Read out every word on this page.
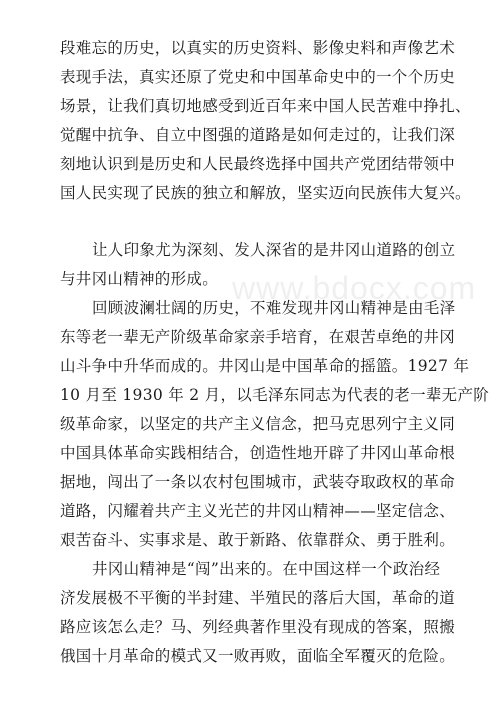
www.bdocx.com
段难忘的历史，以真实的历史资料、影像史料和声像艺术
表现手法，真实还原了党史和中国革命史中的一个个历史
场景，让我们真切地感受到近百年来中国人民苦难中挣扎、
觉醒中抗争、自立中图强的道路是如何走过的，让我们深
刻地认识到是历史和人民最终选择中国共产党团结带领中
国人民实现了民族的独立和解放，坚实迈向民族伟大复兴。
让人印象尤为深刻、发人深省的是井冈山道路的创立
与井冈山精神的形成。
回顾波澜壮阔的历史，不难发现井冈山精神是由毛泽
东等老一辈无产阶级革命家亲手培育，在艰苦卓绝的井冈
山斗争中升华而成的。井冈山是中国革命的摇篮。1927 年
10 月至 1930 年 2 月，以毛泽东同志为代表的老一辈无产阶
级革命家，以坚定的共产主义信念，把马克思列宁主义同
中国具体革命实践相结合，创造性地开辟了井冈山革命根
据地，闯出了一条以农村包围城市，武装夺取政权的革命
道路，闪耀着共产主义光芒的井冈山精神——坚定信念、
艰苦奋斗、实事求是、敢于新路、依靠群众、勇于胜利。
井冈山精神是“闯”出来的。在中国这样一个政治经
济发展极不平衡的半封建、半殖民的落后大国，革命的道
路应该怎么走？马、列经典著作里没有现成的答案，照搬
俄国十月革命的模式又一败再败，面临全军覆灭的危险。
